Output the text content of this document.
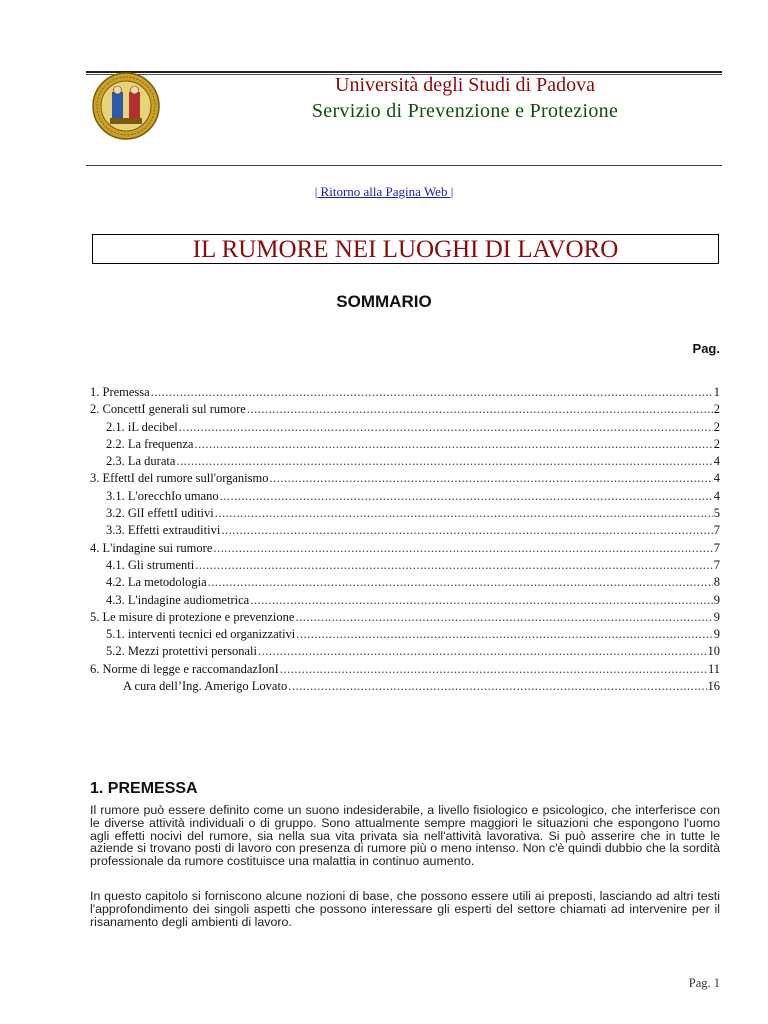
Università degli Studi di Padova
Servizio di Prevenzione e Protezione
| Ritorno alla Pagina Web |
IL RUMORE NEI LUOGHI DI LAVORO
SOMMARIO
Pag.
1. Premessa .....	1
2. ConcettI generali sul rumore .....	2
2.1. iL decibel .....	2
2.2. La frequenza .....	2
2.3. La durata .....	4
3. EffettI del rumore sull'organismo .....	4
3.1. L'orecchIo umano .....	4
3.2. GlI effettI uditivi .....	5
3.3. Effetti extrauditivi .....	7
4. L'indagine sui rumore .....	7
4.1. Gli strumenti .....	7
4.2. La metodologia .....	8
4.3. L'indagine audiometrica .....	9
5. Le misure di protezione e prevenzione .....	9
5.1. interventi tecnici ed organizzativi .....	9
5.2. Mezzi protettivi personali .....	10
6. Norme di legge e raccomandazIonI .....	11
A cura dell’Ing. Amerigo Lovato .....	16
1. PREMESSA
Il rumore può essere definito come un suono indesiderabile, a livello fisiologico e psicologico, che interferisce con le diverse attività individuali o di gruppo. Sono attualmente sempre maggiori le situazioni che espongono l'uomo agli effetti nocivi del rumore, sia nella sua vita privata sia nell'attività lavorativa. Si può asserire che in tutte le aziende si trovano posti di lavoro con presenza di rumore più o meno intenso. Non c'è quindi dubbio che la sordità professionale da rumore costituisce una malattia in continuo aumento.
In questo capitolo si forniscono alcune nozioni di base, che possono essere utili ai preposti, lasciando ad altri testi l'approfondimento dei singoli aspetti che possono interessare gli esperti del settore chiamati ad intervenire per il risanamento degli ambienti di lavoro.
Pag. 1
